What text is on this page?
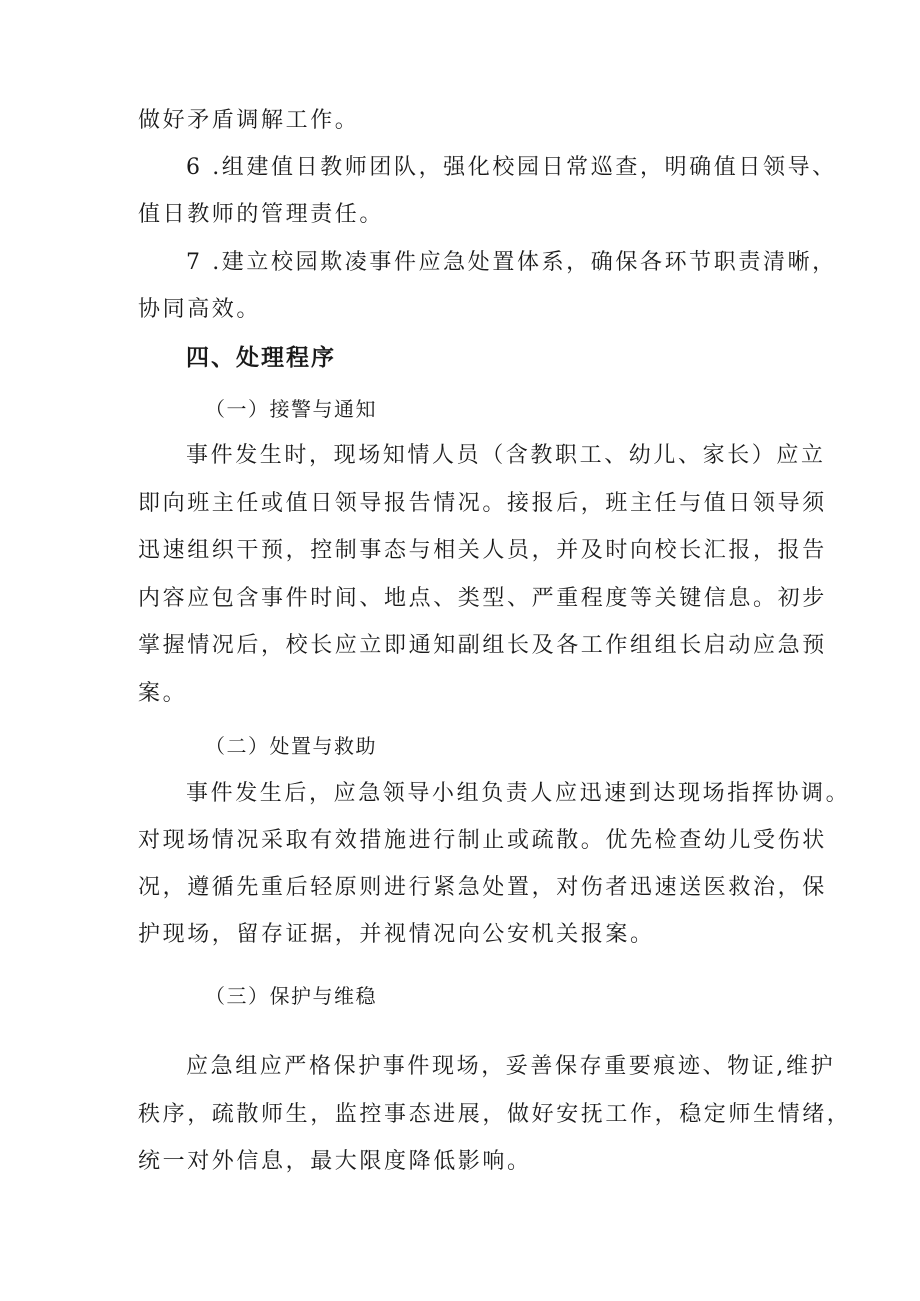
做好矛盾调解工作。
6 .组建值日教师团队，强化校园日常巡查，明确值日领导、
值日教师的管理责任。
7 .建立校园欺凌事件应急处置体系，确保各环节职责清晰，
协同高效。
四、处理程序
（一）接警与通知
事件发生时，现场知情人员（含教职工、幼儿、家长）应立
即向班主任或值日领导报告情况。接报后，班主任与值日领导须
迅速组织干预，控制事态与相关人员，并及时向校长汇报，报告
内容应包含事件时间、地点、类型、严重程度等关键信息。初步
掌握情况后，校长应立即通知副组长及各工作组组长启动应急预
案。
（二）处置与救助
事件发生后，应急领导小组负责人应迅速到达现场指挥协调。
对现场情况采取有效措施进行制止或疏散。优先检查幼儿受伤状
况，遵循先重后轻原则进行紧急处置，对伤者迅速送医救治，保
护现场，留存证据，并视情况向公安机关报案。
（三）保护与维稳
应急组应严格保护事件现场，妥善保存重要痕迹、物证,维护
秩序，疏散师生，监控事态进展，做好安抚工作，稳定师生情绪，
统一对外信息，最大限度降低影响。
